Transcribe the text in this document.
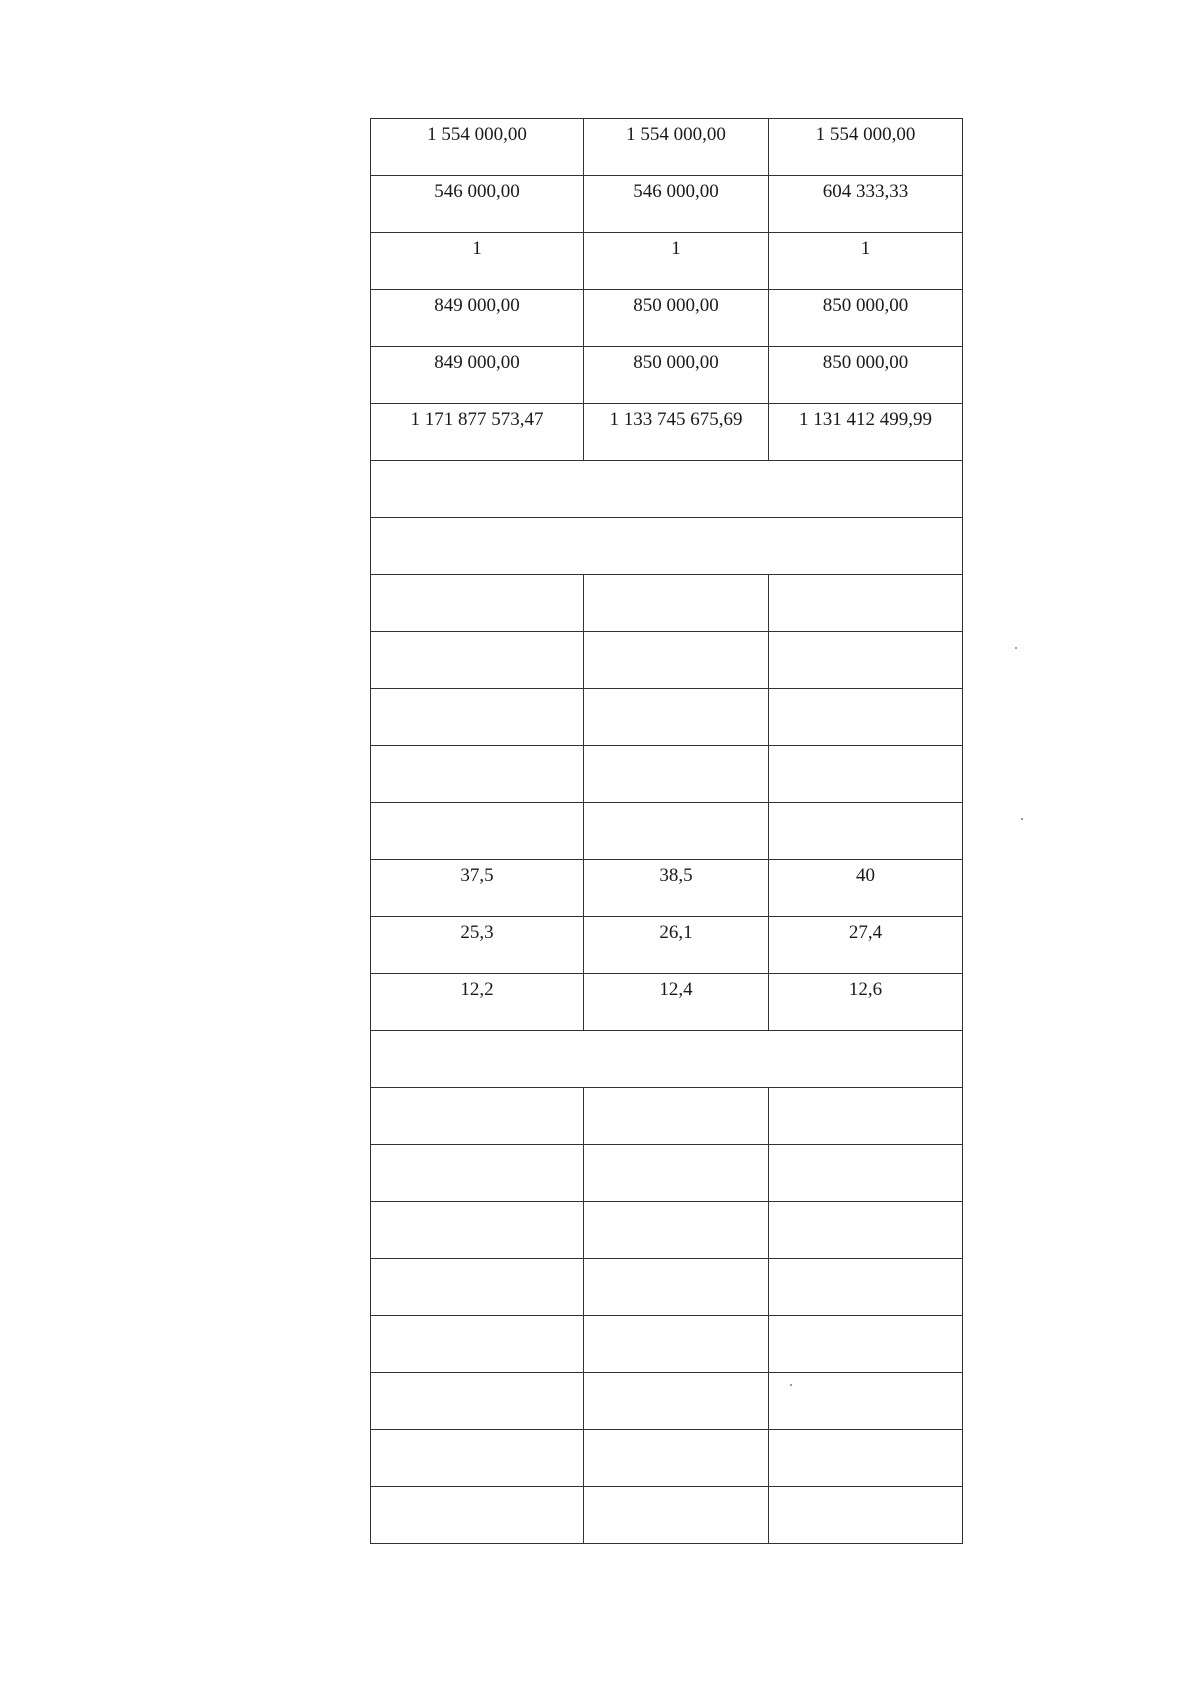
1 554 000,00	1 554 000,00	1 554 000,00

546 000,00	546 000,00	604 333,33

1	1	1

849 000,00	850 000,00	850 000,00

849 000,00	850 000,00	850 000,00

1 171 877 573,47	1 133 745 675,69	1 131 412 499,99

37,5	38,5	40

25,3	26,1	27,4

12,2	12,4	12,6
